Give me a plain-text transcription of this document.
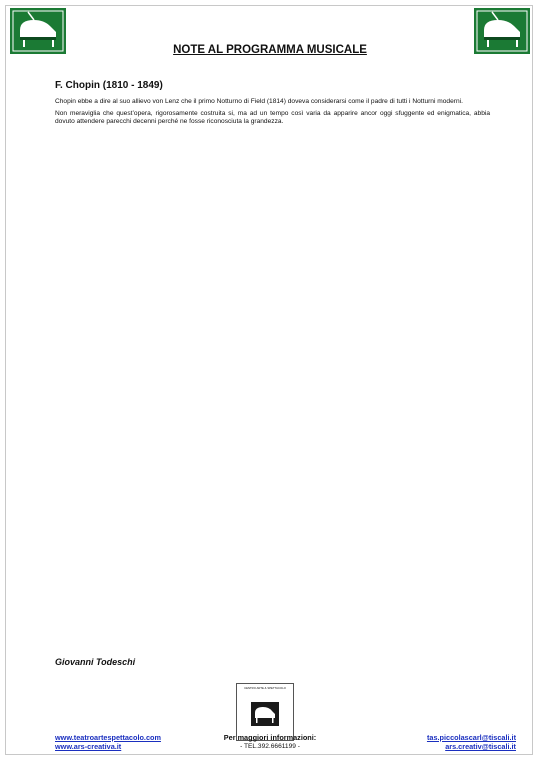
NOTE AL PROGRAMMA MUSICALE
F. Chopin (1810 - 1849)

Chopin ebbe a dire al suo allievo von Lenz che il primo Notturno di Field (1814) doveva considerarsi come il padre di tutti i Notturni moderni.

Non meraviglia che quest’opera, rigorosamente costruita si, ma ad un tempo così varia da apparire ancor oggi sfuggente ed enigmatica, abbia dovuto attendere parecchi decenni perché ne fosse riconosciuta la grandezza.

Giovanni Todeschi
CENTRO ARTE & SPETTACOLO
www.teatroartespettacolo.com
www.ars-creativa.it
Per maggiori informazioni:
- TEL.392.6661199 -
tas.piccolascarl@tiscali.it
ars.creativ@tiscali.it
